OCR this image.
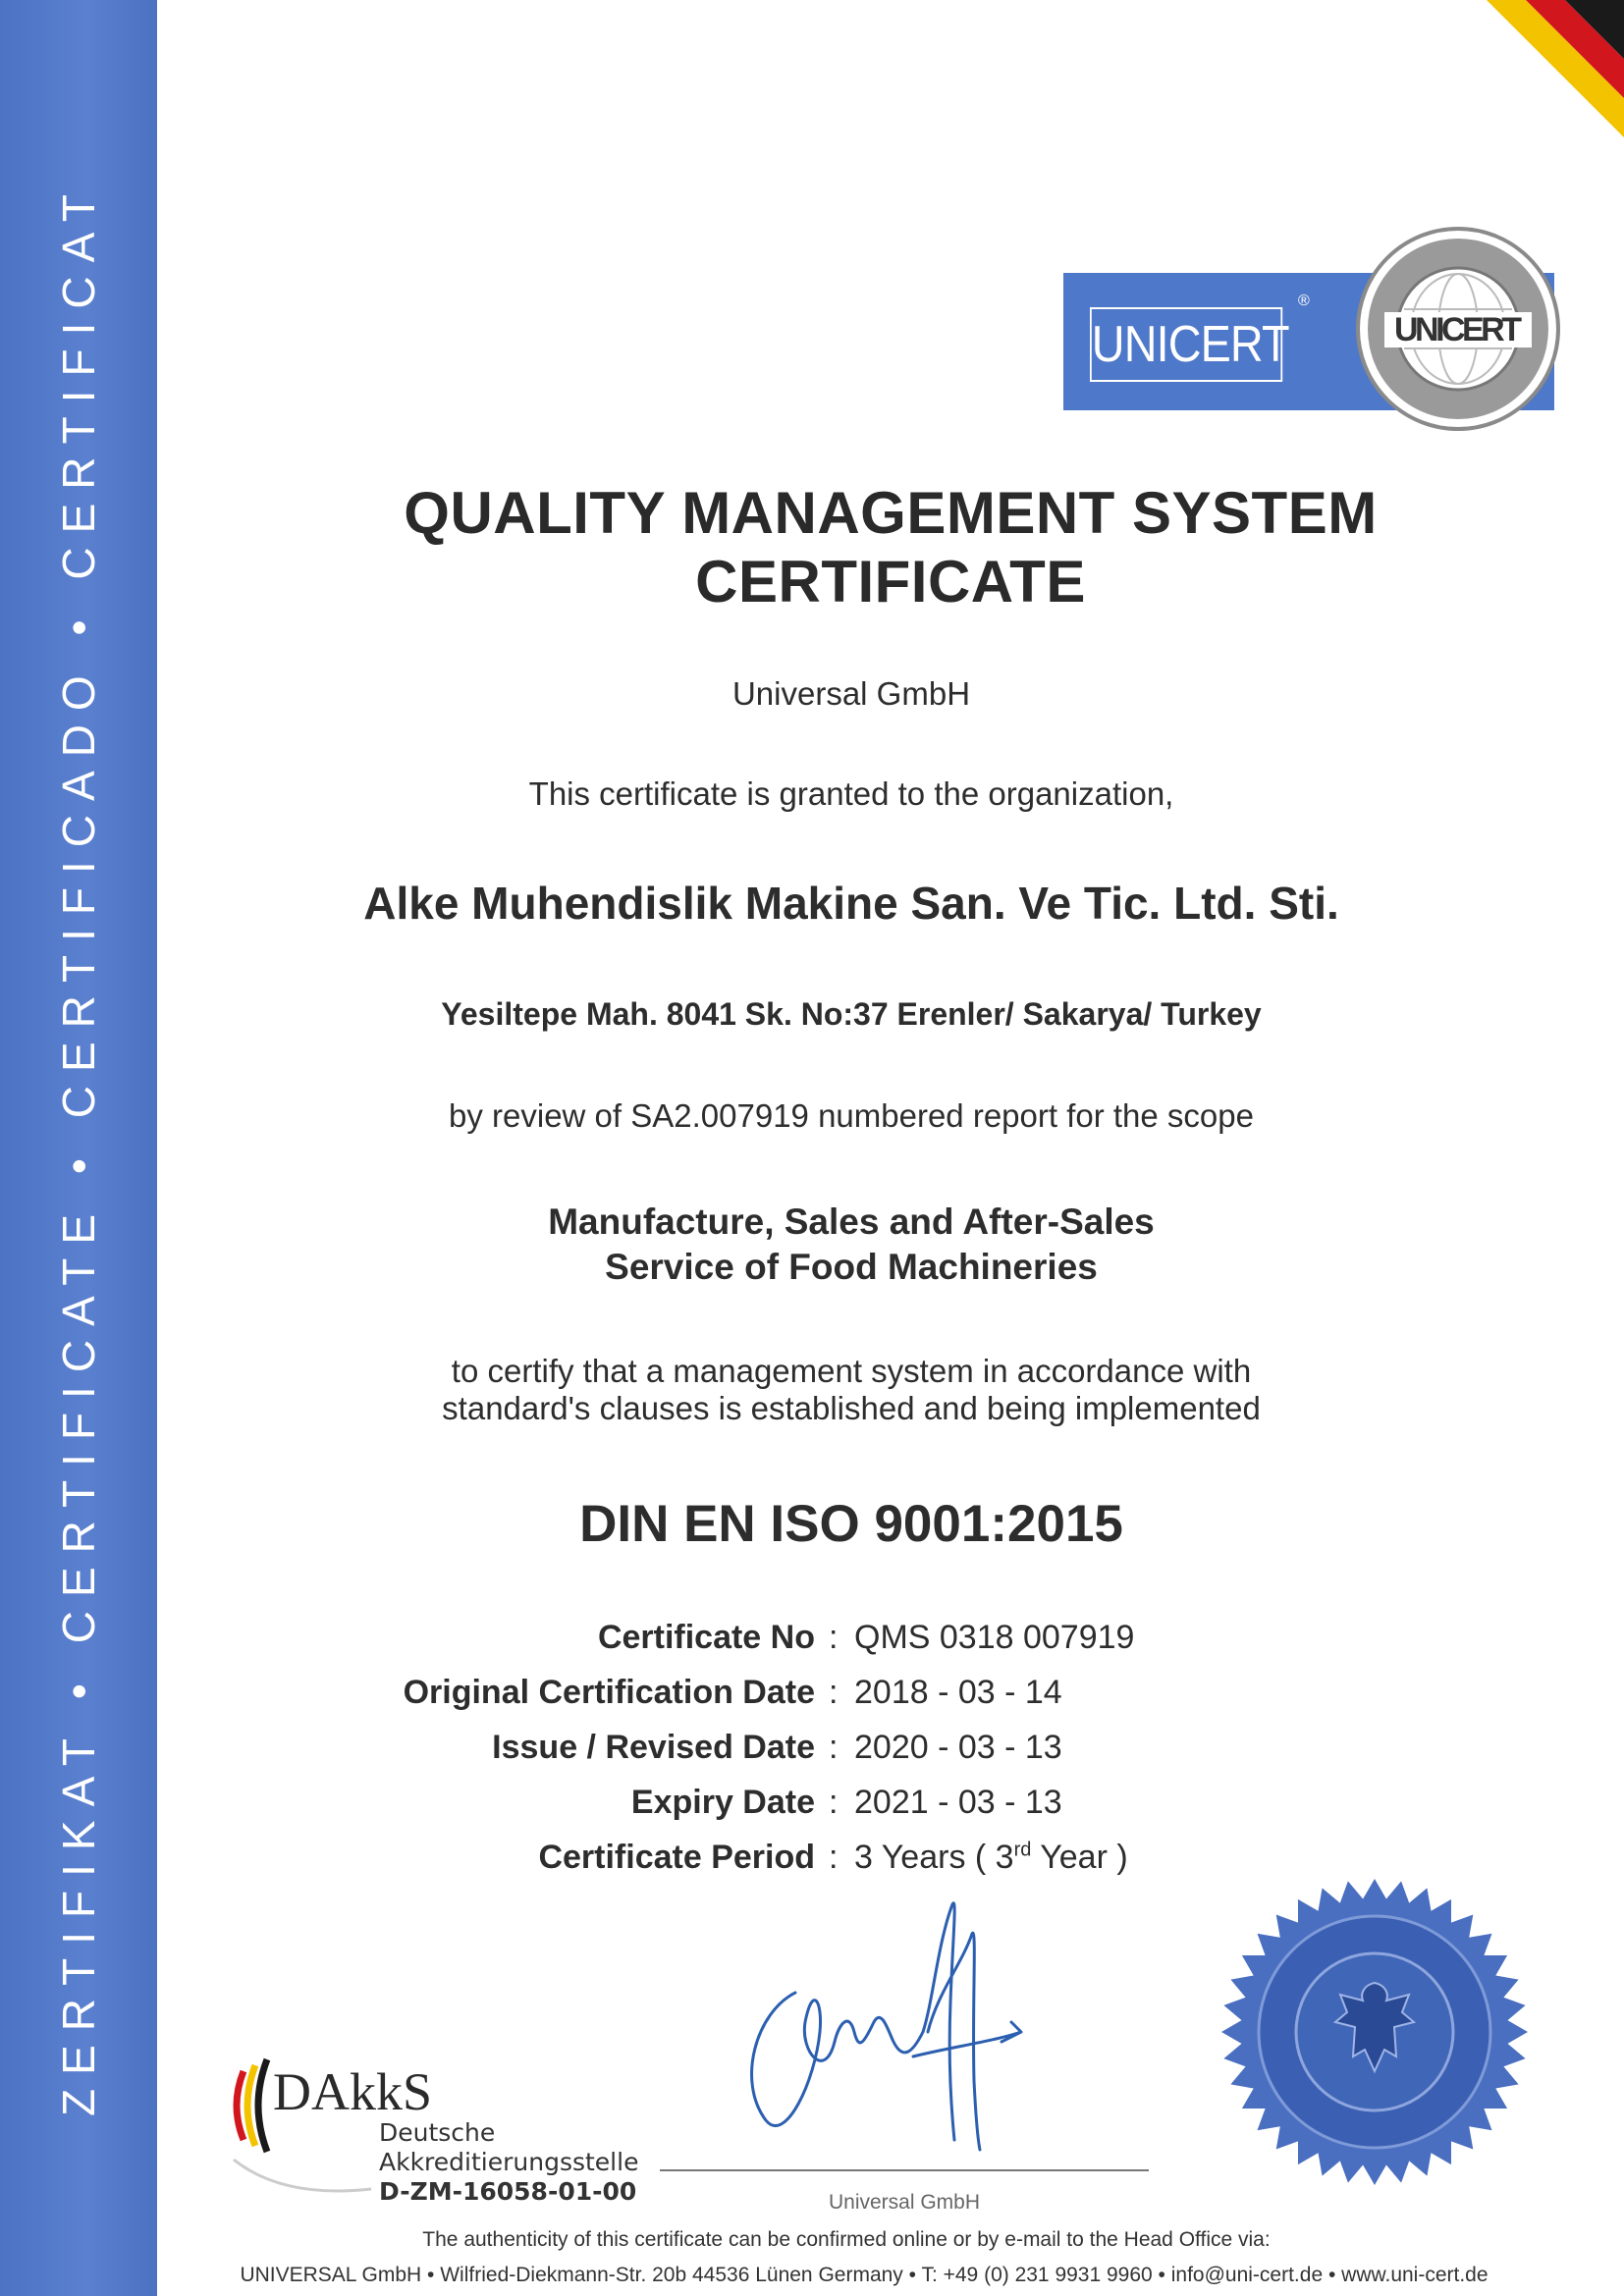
ZERTIFIKAT • CERTIFICATE • CERTIFICADO • CERTIFICAT	UNICERT
®
UNICERT
QUALITY MANAGEMENT SYSTEM
CERTIFICATE
Universal GmbH
This certificate is granted to the organization,
Alke Muhendislik Makine San. Ve Tic. Ltd. Sti.
Yesiltepe Mah. 8041 Sk. No:37 Erenler/ Sakarya/ Turkey
by review of SA2.007919 numbered report for the scope
Manufacture, Sales and After-Sales
Service of Food Machineries
to certify that a management system in accordance with
standard's clauses is established and being implemented
DIN EN ISO 9001:2015
Certificate No : QMS 0318 007919
Original Certification Date : 2018 - 03 - 14
Issue / Revised Date : 2020 - 03 - 13
Expiry Date : 2021 - 03 - 13
Certificate Period : 3 Years ( 3rd Year )
DAkkS
Deutsche
Akkreditierungsstelle
D-ZM-16058-01-00	Universal GmbH
The authenticity of this certificate can be confirmed online or by e-mail to the Head Office via:
UNIVERSAL GmbH • Wilfried-Diekmann-Str. 20b 44536 Lünen Germany • T: +49 (0) 231 9931 9960 • info@uni-cert.de • www.uni-cert.de
